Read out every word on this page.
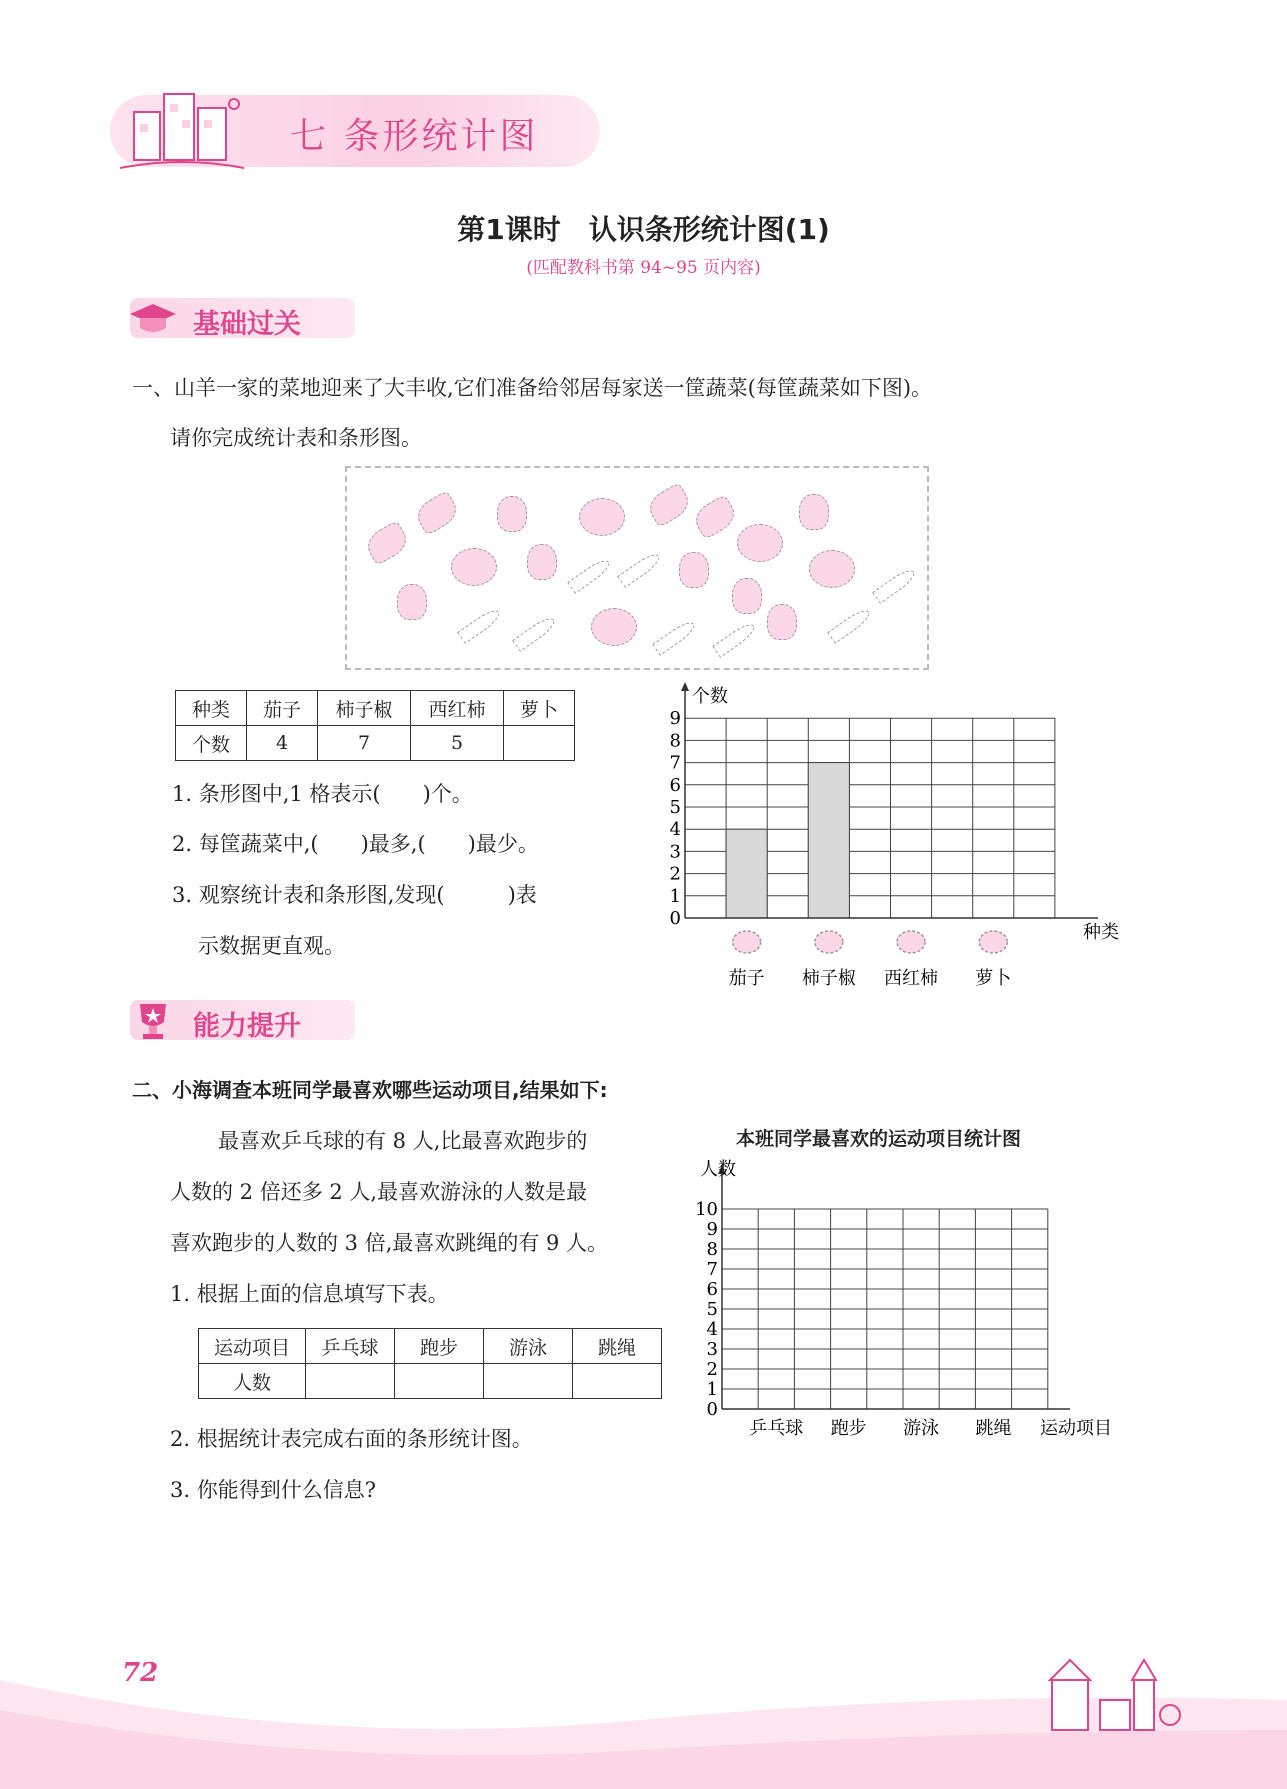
七 条形统计图
第1课时　认识条形统计图(1)
(匹配教科书第 94~95 页内容)
基础过关
一、山羊一家的菜地迎来了大丰收,它们准备给邻居每家送一筐蔬菜(每筐蔬菜如下图)。
请你完成统计表和条形图。
种类	茄子	柿子椒	西红柿	萝卜
个数	4	7	5	
1. 条形图中,1 格表示(　　)个。
2. 每筐蔬菜中,(　　)最多,(　　)最少。
3. 观察统计表和条形图,发现(　　　)表
示数据更直观。
0
1
2
3
4
5
6
7
8
9
个数
种类
茄子 柿子椒 西红柿 萝卜
能力提升
二、小海调查本班同学最喜欢哪些运动项目,结果如下:
最喜欢乒乓球的有 8 人,比最喜欢跑步的
人数的 2 倍还多 2 人,最喜欢游泳的人数是最
喜欢跑步的人数的 3 倍,最喜欢跳绳的有 9 人。
1. 根据上面的信息填写下表。
运动项目	乒乓球	跑步	游泳	跳绳
人数				
2. 根据统计表完成右面的条形统计图。
3. 你能得到什么信息?
本班同学最喜欢的运动项目统计图
0
1
2
3
4
5
6
7
8
9
10
人数
运动项目
乒乓球 跑步 游泳 跳绳
72
